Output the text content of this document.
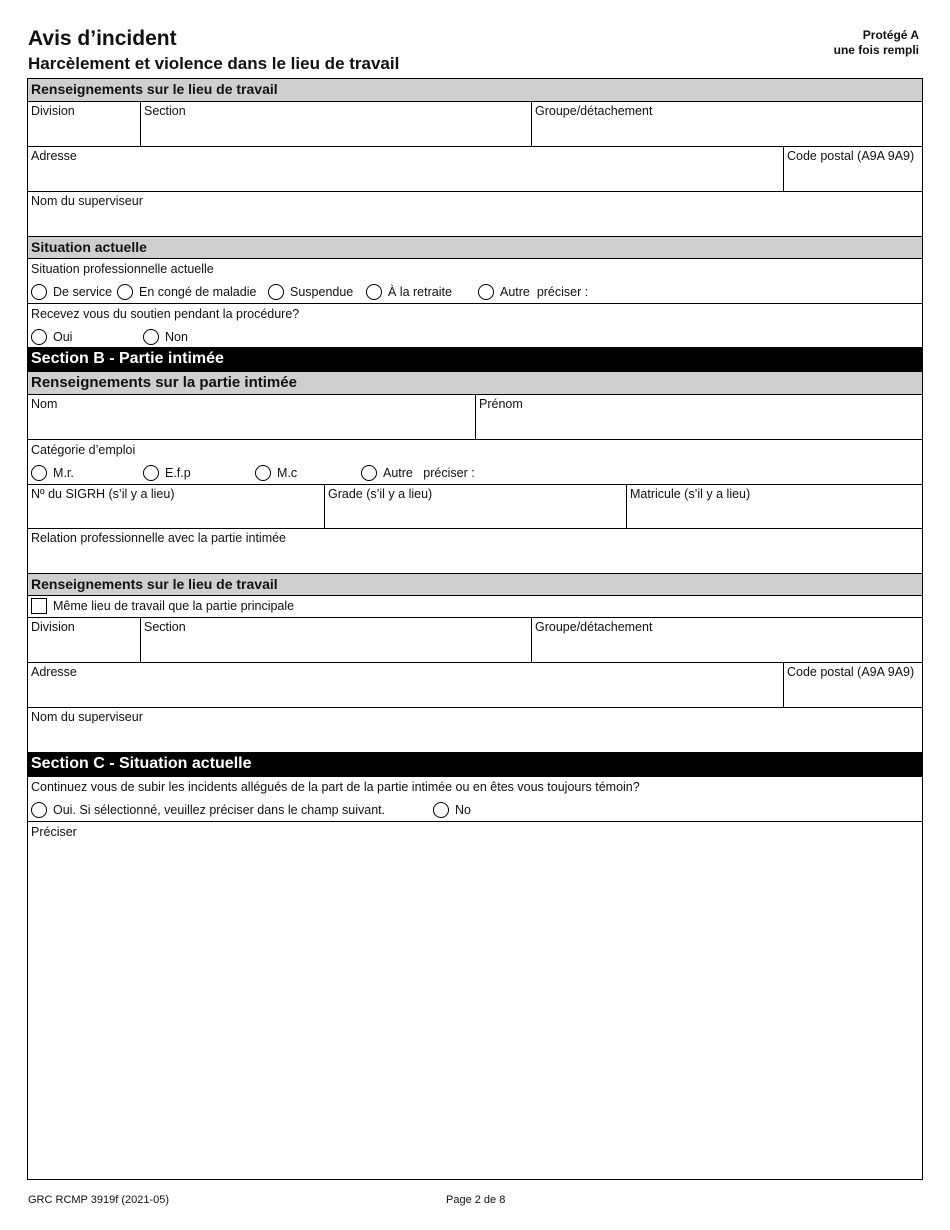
Avis d’incident
Harcèlement et violence dans le lieu de travail
Protégé A
une fois rempli
Renseignements sur le lieu de travail
Division	Section	Groupe/détachement
Adresse	Code postal (A9A 9A9)
Nom du superviseur
Situation actuelle
Situation professionnelle actuelle
De service En congé de maladie	Suspendue	À la retraite	Autre  préciser :
Recevez vous du soutien pendant la procédure?
Oui	Non
Section B - Partie intimée
Renseignements sur la partie intimée
Nom	Prénom
Catégorie d’emploi
M.r.	E.f.p	M.c	Autre   préciser :
Nº du SIGRH (s’il y a lieu)	Grade (s’il y a lieu)	Matricule (s’il y a lieu)
Relation professionnelle avec la partie intimée
Renseignements sur le lieu de travail
Même lieu de travail que la partie principale
Division	Section	Groupe/détachement
Adresse	Code postal (A9A 9A9)
Nom du superviseur
Section C - Situation actuelle
Continuez vous de subir les incidents allégués de la part de la partie intimée ou en êtes vous toujours témoin?
Oui. Si sélectionné, veuillez préciser dans le champ suivant.	No
Préciser
GRC RCMP 3919f (2021-05)	Page 2 de 8
